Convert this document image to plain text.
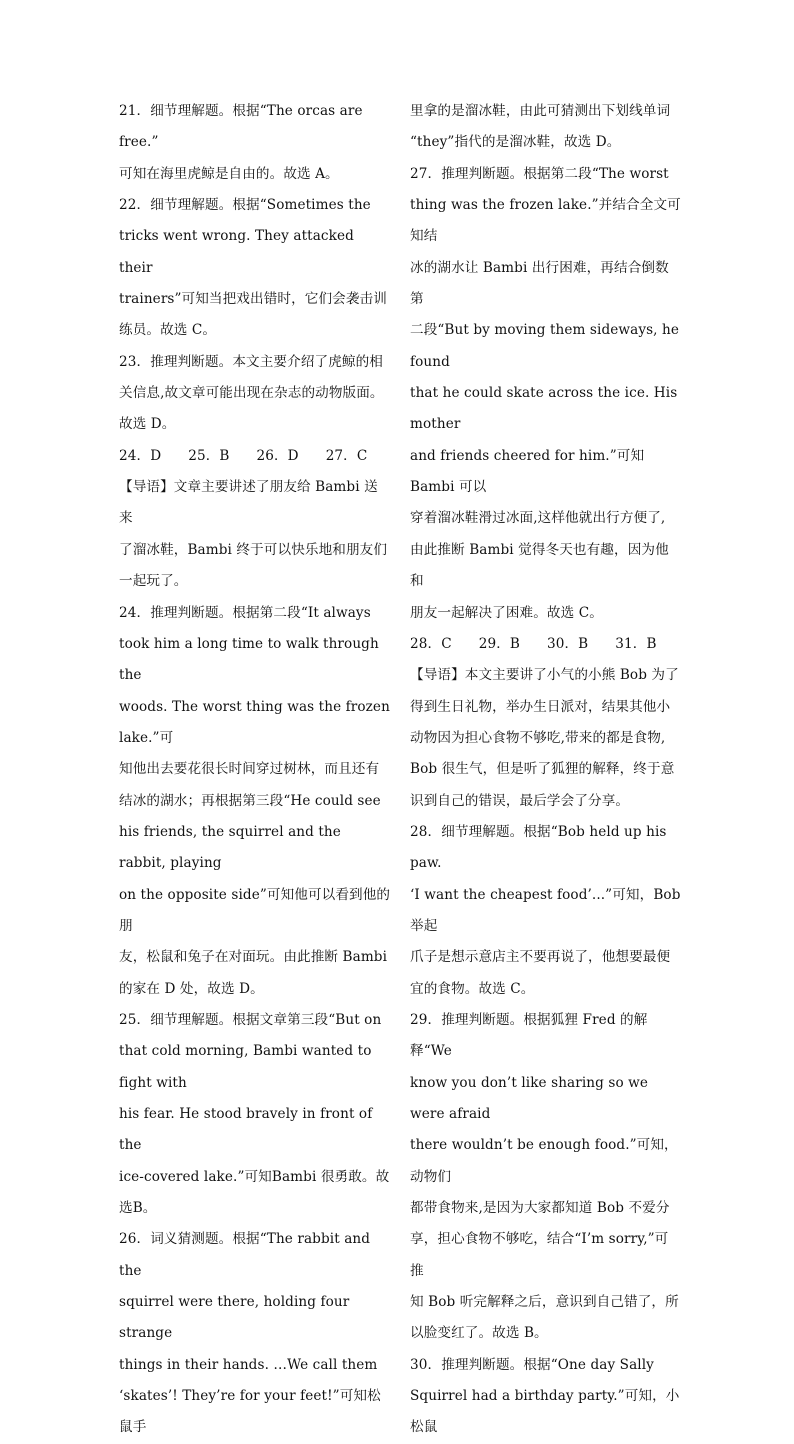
21．细节理解题。根据“The orcas are free.”

可知在海里虎鲸是自由的。故选 A。

22．细节理解题。根据“Sometimes the

tricks went wrong. They attacked their

trainers”可知当把戏出错时，它们会袭击训

练员。故选 C。

23．推理判断题。本文主要介绍了虎鲸的相

关信息,故文章可能出现在杂志的动物版面。

故选 D。

24．D 25．B 26．D 27．C

【导语】文章主要讲述了朋友给 Bambi 送来

了溜冰鞋，Bambi 终于可以快乐地和朋友们

一起玩了。

24．推理判断题。根据第二段“It always

took him a long time to walk through the

woods. The worst thing was the frozen lake.”可

知他出去要花很长时间穿过树林，而且还有

结冰的湖水；再根据第三段“He could see

his friends, the squirrel and the rabbit, playing

on the opposite side”可知他可以看到他的朋

友，松鼠和兔子在对面玩。由此推断 Bambi

的家在 D 处，故选 D。

25．细节理解题。根据文章第三段“But on

that cold morning, Bambi wanted to fight with

his fear. He stood bravely in front of the

ice-covered lake.”可知Bambi 很勇敢。故选B。

26．词义猜测题。根据“The rabbit and the

squirrel were there, holding four strange

things in their hands. …We call them

‘skates’! They’re for your feet!”可知松鼠手

里拿的是溜冰鞋，由此可猜测出下划线单词

“they”指代的是溜冰鞋，故选 D。

27．推理判断题。根据第二段“The worst

thing was the frozen lake.”并结合全文可知结

冰的湖水让 Bambi 出行困难，再结合倒数第

二段“But by moving them sideways, he found

that he could skate across the ice. His mother

and friends cheered for him.”可知 Bambi 可以

穿着溜冰鞋滑过冰面,这样他就出行方便了,

由此推断 Bambi 觉得冬天也有趣，因为他和

朋友一起解决了困难。故选 C。

28．C 29．B 30．B 31．B

【导语】本文主要讲了小气的小熊 Bob 为了

得到生日礼物，举办生日派对，结果其他小

动物因为担心食物不够吃,带来的都是食物,

Bob 很生气，但是听了狐狸的解释，终于意

识到自己的错误，最后学会了分享。

28．细节理解题。根据“Bob held up his paw.

‘I want the cheapest food’...”可知，Bob 举起

爪子是想示意店主不要再说了，他想要最便

宜的食物。故选 C。

29．推理判断题。根据狐狸 Fred 的解释“We

know you don’t like sharing so we were afraid

there wouldn’t be enough food.”可知，动物们

都带食物来,是因为大家都知道 Bob 不爱分

享，担心食物不够吃，结合“I’m sorry,”可推

知 Bob 听完解释之后，意识到自己错了，所

以脸变红了。故选 B。

30．推理判断题。根据“One day Sally

Squirrel had a birthday party.”可知，小松鼠
